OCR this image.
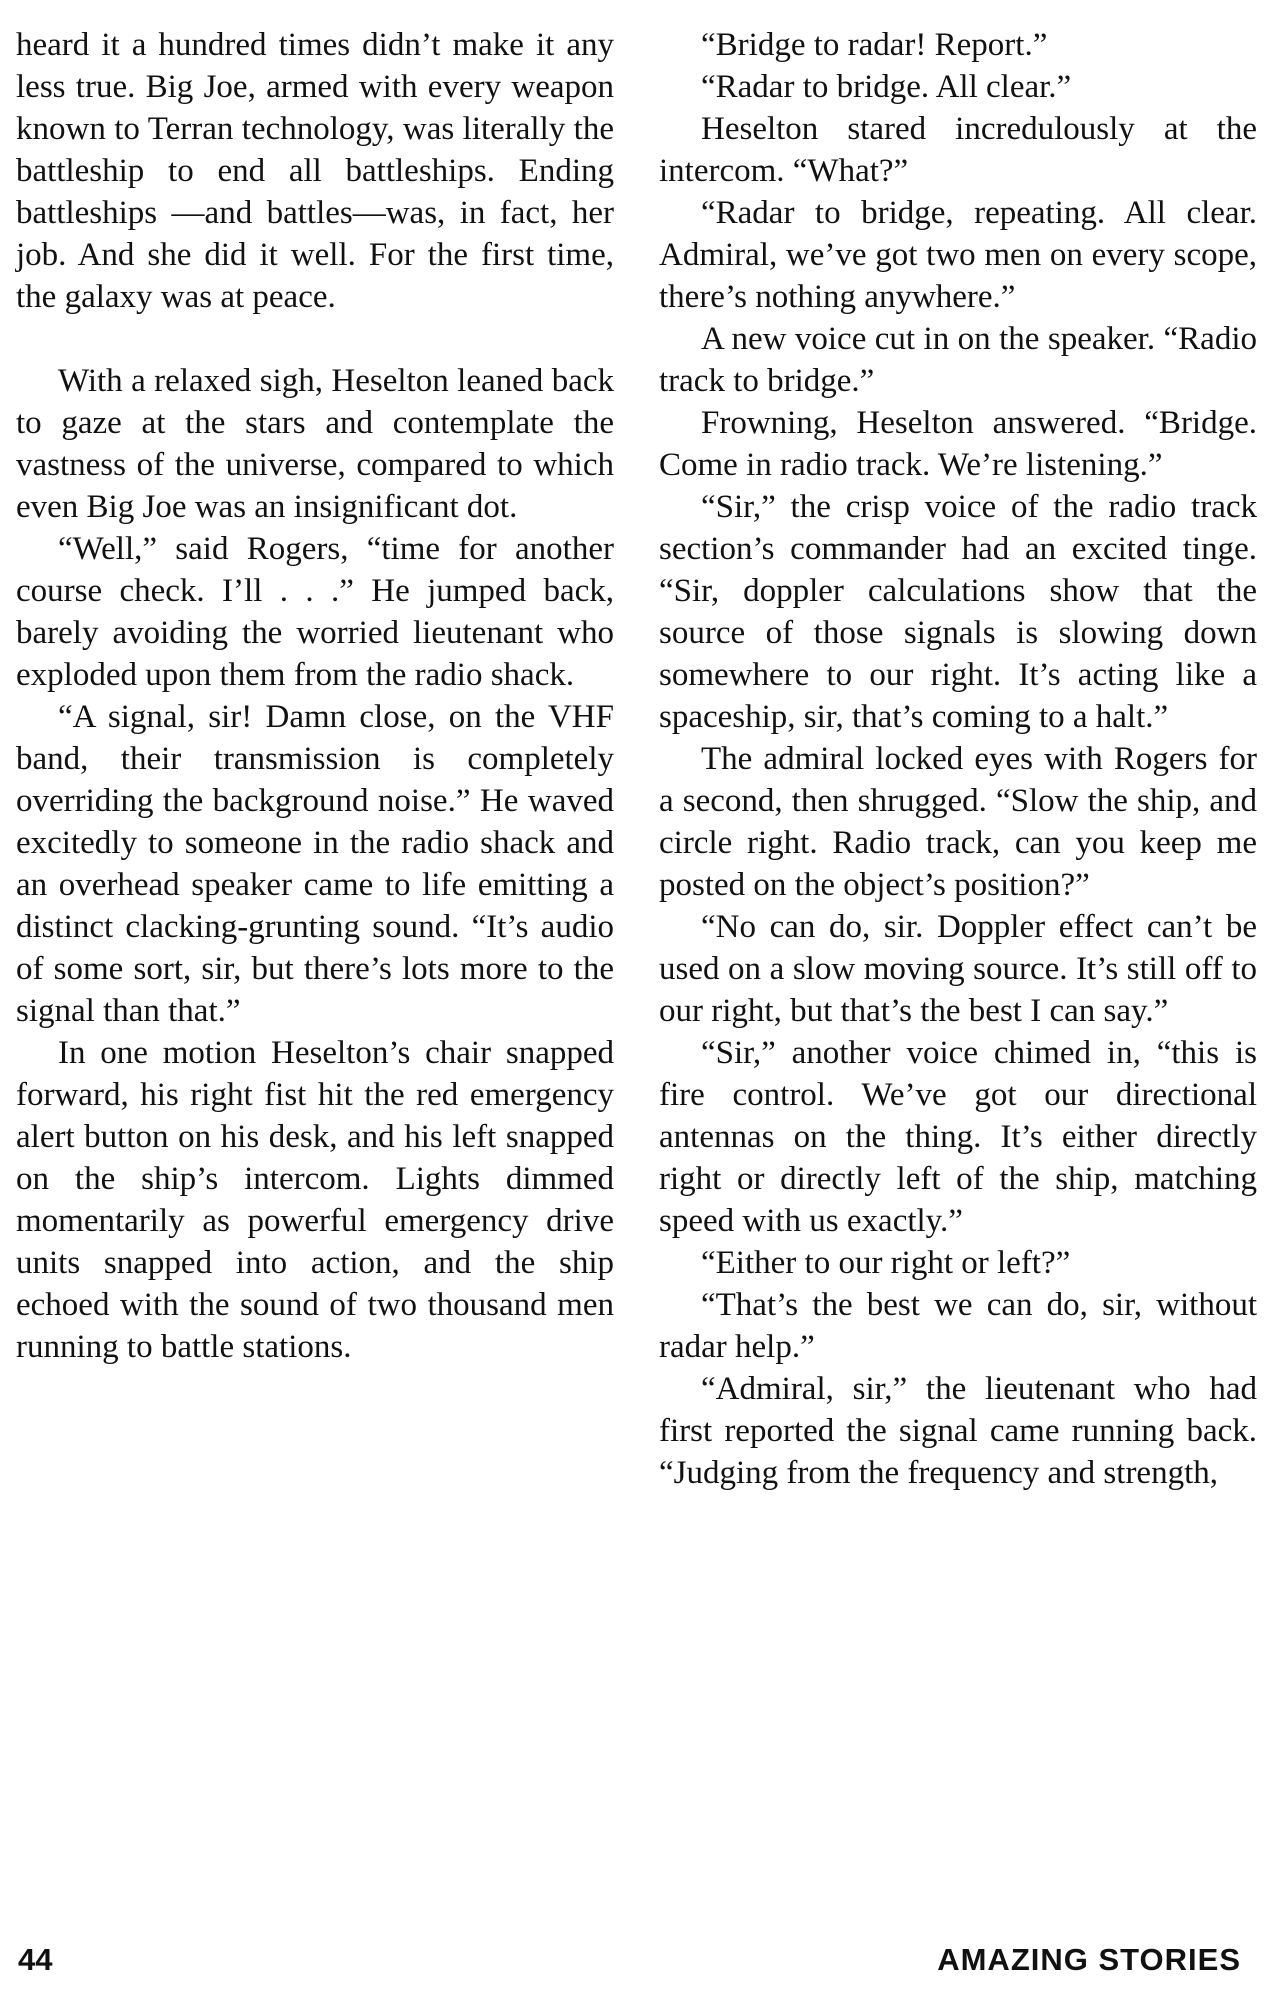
heard it a hundred times didn’t make it any less true. Big Joe, armed with every weapon known to Terran technology, was literally the battleship to end all battleships. Ending battleships —and battles—was, in fact, her job. And she did it well. For the first time, the galaxy was at peace.

With a relaxed sigh, Heselton leaned back to gaze at the stars and contemplate the vastness of the universe, compared to which even Big Joe was an insignificant dot.

“Well,” said Rogers, “time for another course check. I’ll . . .” He jumped back, barely avoiding the worried lieutenant who exploded upon them from the radio shack.

“A signal, sir! Damn close, on the VHF band, their transmission is completely overriding the background noise.” He waved excitedly to someone in the radio shack and an overhead speaker came to life emitting a distinct clacking-grunting sound. “It’s audio of some sort, sir, but there’s lots more to the signal than that.”

In one motion Heselton’s chair snapped forward, his right fist hit the red emergency alert button on his desk, and his left snapped on the ship’s intercom. Lights dimmed momentarily as powerful emergency drive units snapped into action, and the ship echoed with the sound of two thousand men running to battle stations.

“Bridge to radar! Report.”

“Radar to bridge. All clear.”

Heselton stared incredulously at the intercom. “What?”

“Radar to bridge, repeating. All clear. Admiral, we’ve got two men on every scope, there’s nothing anywhere.”

A new voice cut in on the speaker. “Radio track to bridge.”

Frowning, Heselton answered. “Bridge. Come in radio track. We’re listening.”

“Sir,” the crisp voice of the radio track section’s commander had an excited tinge. “Sir, doppler calculations show that the source of those signals is slowing down somewhere to our right. It’s acting like a spaceship, sir, that’s coming to a halt.”

The admiral locked eyes with Rogers for a second, then shrugged. “Slow the ship, and circle right. Radio track, can you keep me posted on the object’s position?”

“No can do, sir. Doppler effect can’t be used on a slow moving source. It’s still off to our right, but that’s the best I can say.”

“Sir,” another voice chimed in, “this is fire control. We’ve got our directional antennas on the thing. It’s either directly right or directly left of the ship, matching speed with us exactly.”

“Either to our right or left?”

“That’s the best we can do, sir, without radar help.”

“Admiral, sir,” the lieutenant who had first reported the signal came running back. “Judging from the frequency and strength,

44	AMAZING STORIES
